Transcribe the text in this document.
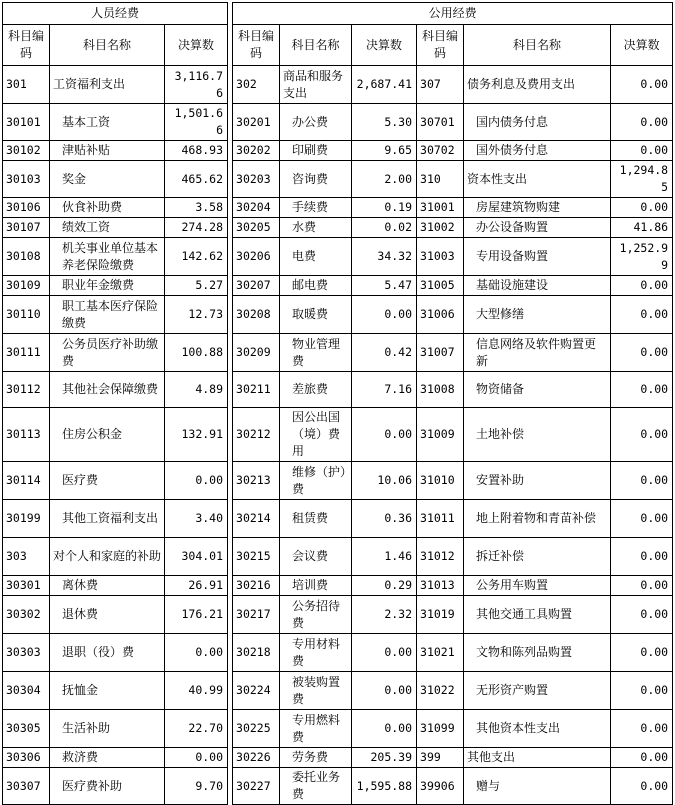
人员经费				公用经费					
科目编码	科目名称	决算数		科目编码	科目名称	决算数	科目编码	科目名称	决算数
301	工资福利支出	3,116.76		302	商品和服务支出	2,687.41	307	债务利息及费用支出	0.00
30101	基本工资	1,501.66		30201	办公费	5.30	30701	国内债务付息	0.00
30102	津贴补贴	468.93		30202	印刷费	9.65	30702	国外债务付息	0.00
30103	奖金	465.62		30203	咨询费	2.00	310	资本性支出	1,294.85
30106	伙食补助费	3.58		30204	手续费	0.19	31001	房屋建筑物购建	0.00
30107	绩效工资	274.28		30205	水费	0.02	31002	办公设备购置	41.86
30108	机关事业单位基本养老保险缴费	142.62		30206	电费	34.32	31003	专用设备购置	1,252.99
30109	职业年金缴费	5.27		30207	邮电费	5.47	31005	基础设施建设	0.00
30110	职工基本医疗保险缴费	12.73		30208	取暖费	0.00	31006	大型修缮	0.00
30111	公务员医疗补助缴费	100.88		30209	物业管理费	0.42	31007	信息网络及软件购置更新	0.00
30112	其他社会保障缴费	4.89		30211	差旅费	7.16	31008	物资储备	0.00
30113	住房公积金	132.91		30212	因公出国（境）费用	0.00	31009	土地补偿	0.00
30114	医疗费	0.00		30213	维修（护）费	10.06	31010	安置补助	0.00
30199	其他工资福利支出	3.40		30214	租赁费	0.36	31011	地上附着物和青苗补偿	0.00
303	对个人和家庭的补助	304.01		30215	会议费	1.46	31012	拆迁补偿	0.00
30301	离休费	26.91		30216	培训费	0.29	31013	公务用车购置	0.00
30302	退休费	176.21		30217	公务招待费	2.32	31019	其他交通工具购置	0.00
30303	退职（役）费	0.00		30218	专用材料费	0.00	31021	文物和陈列品购置	0.00
30304	抚恤金	40.99		30224	被装购置费	0.00	31022	无形资产购置	0.00
30305	生活补助	22.70		30225	专用燃料费	0.00	31099	其他资本性支出	0.00
30306	救济费	0.00		30226	劳务费	205.39	399	其他支出	0.00
30307	医疗费补助	9.70		30227	委托业务费	1,595.88	39906	赠与	0.00
